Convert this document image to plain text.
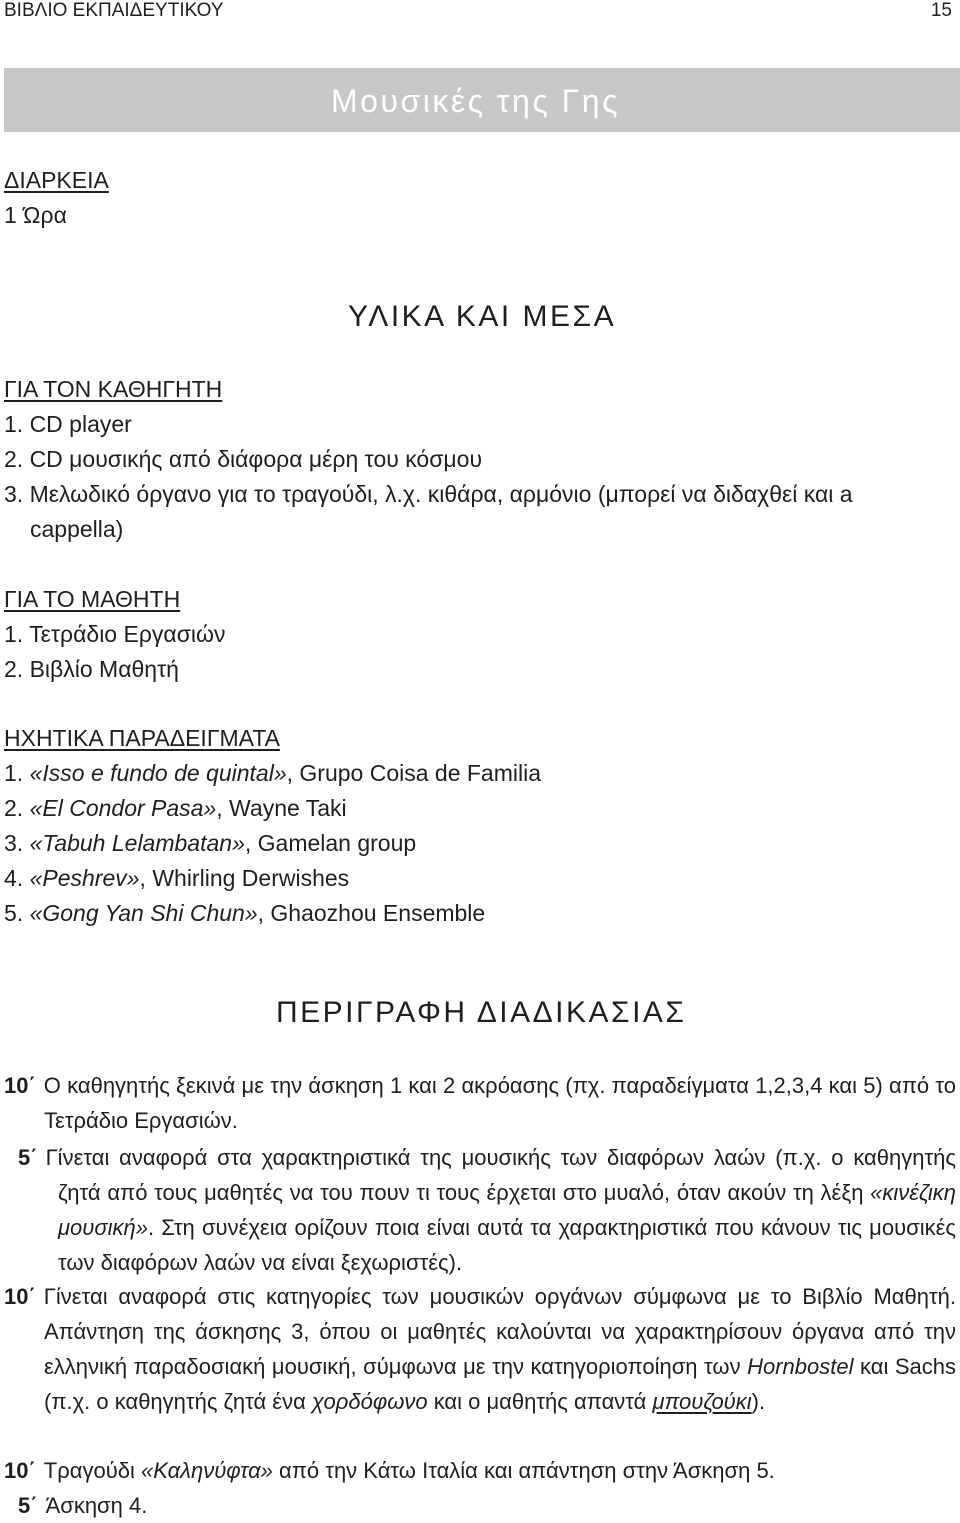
ΒΙΒΛΙΟ ΕΚΠΑΙΔΕΥΤΙΚΟΥ	15
Μουσικές της Γης
ΔΙΑΡΚΕΙΑ
1 Ώρα
ΥΛΙΚΑ ΚΑΙ ΜΕΣΑ
ΓΙΑ ΤΟΝ ΚΑΘΗΓΗΤΗ
1. CD player
2. CD μουσικής από διάφορα μέρη του κόσμου
3. Μελωδικό όργανο για το τραγούδι, λ.χ. κιθάρα, αρμόνιο (μπορεί να διδαχθεί και a cappella)
ΓΙΑ ΤΟ ΜΑΘΗΤΗ
1. Τετράδιο Εργασιών
2. Βιβλίο Μαθητή
ΗΧΗΤΙΚΑ ΠΑΡΑΔΕΙΓΜΑΤΑ
1. «Isso e fundo de quintal», Grupo Coisa de Familia
2. «El Condor Pasa», Wayne Taki
3. «Tabuh Lelambatan», Gamelan group
4. «Peshrev», Whirling Derwishes
5. «Gong Yan Shi Chun», Ghaozhou Ensemble
ΠΕΡΙΓΡΑΦΗ ΔΙΑΔΙΚΑΣΙΑΣ
10΄ Ο καθηγητής ξεκινά με την άσκηση 1 και 2 ακρόασης (πχ. παραδείγματα 1,2,3,4 και 5) από το Τετράδιο Εργασιών.
5΄ Γίνεται αναφορά στα χαρακτηριστικά της μουσικής των διαφόρων λαών (π.χ. ο καθηγητής ζητά από τους μαθητές να του πουν τι τους έρχεται στο μυαλό, όταν ακούν τη λέξη «κινέζικη μουσική». Στη συνέχεια ορίζουν ποια είναι αυτά τα χαρακτηριστικά που κάνουν τις μουσικές των διαφόρων λαών να είναι ξεχωριστές).
10΄ Γίνεται αναφορά στις κατηγορίες των μουσικών οργάνων σύμφωνα με το Βιβλίο Μαθητή. Απάντηση της άσκησης 3, όπου οι μαθητές καλούνται να χαρακτηρίσουν όργανα από την ελληνική παραδοσιακή μουσική, σύμφωνα με την κατηγοριοποίηση των Hornbostel και Sachs (π.χ. ο καθηγητής ζητά ένα χορδόφωνο και ο μαθητής απαντά μπουζούκι).
10΄ Τραγούδι «Καληνύφτα» από την Κάτω Ιταλία και απάντηση στην Άσκηση 5.
5΄ Άσκηση 4.
